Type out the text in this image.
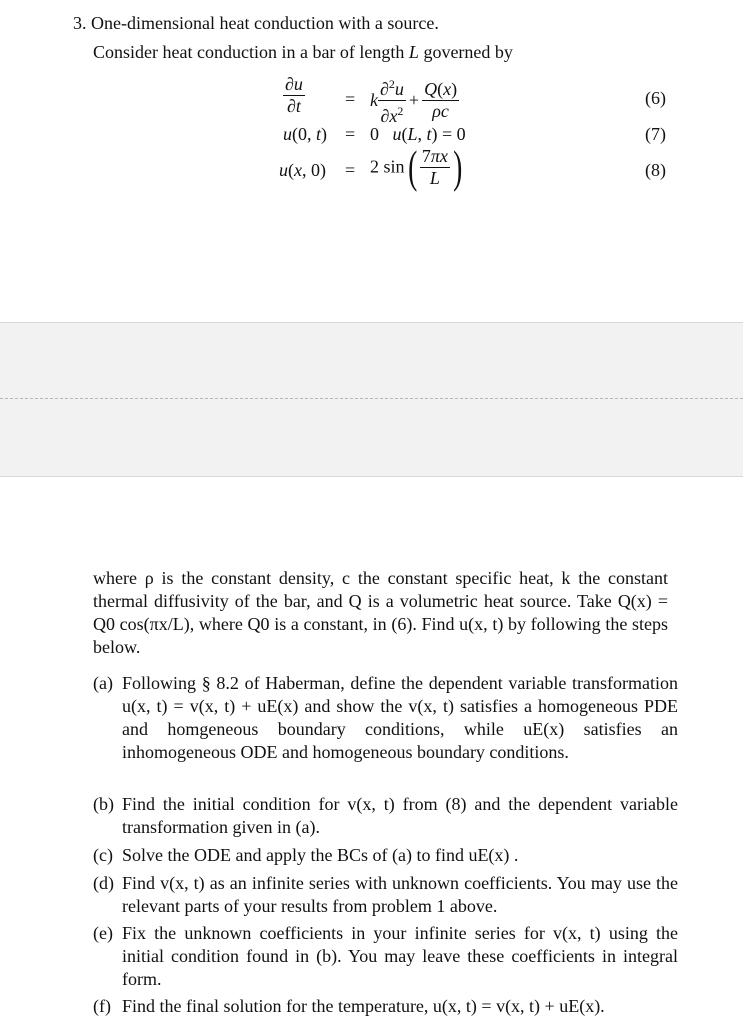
3. One-dimensional heat conduction with a source.
Consider heat conduction in a bar of length L governed by
$\frac{\partial u}{\partial t} = k \frac{\partial^2u}{\partial x^2} + \frac{Q(x)}{\rho c}$	(6)
u(0, t) = 0   u(L, t) = 0	(7)
u(x, 0) = 2 $\sin( \frac{7\pi x}{L}$ )	(8)
where ρ is the constant density, c the constant specific heat, k the constant thermal diffusivity of the bar, and Q is a volumetric heat source. Take Q(x) = Q0 cos(πx/L), where Q0 is a constant, in (6). Find u(x, t) by following the steps below.
(a) Following § 8.2 of Haberman, define the dependent variable transformation u(x, t) = v(x, t) + uE(x) and show the v(x, t) satisfies a homogeneous PDE and homgeneous boundary conditions, while uE(x) satisfies an inhomogeneous ODE and homogeneous boundary conditions.
(b) Find the initial condition for v(x, t) from (8) and the dependent variable transformation given in (a).
(c) Solve the ODE and apply the BCs of (a) to find uE(x) .
(d) Find v(x, t) as an infinite series with unknown coefficients. You may use the relevant parts of your results from problem 1 above.
(e) Fix the unknown coefficients in your infinite series for v(x, t) using the initial condition found in (b). You may leave these coefficients in integral form.
(f) Find the final solution for the temperature, u(x, t) = v(x, t) + uE(x).
